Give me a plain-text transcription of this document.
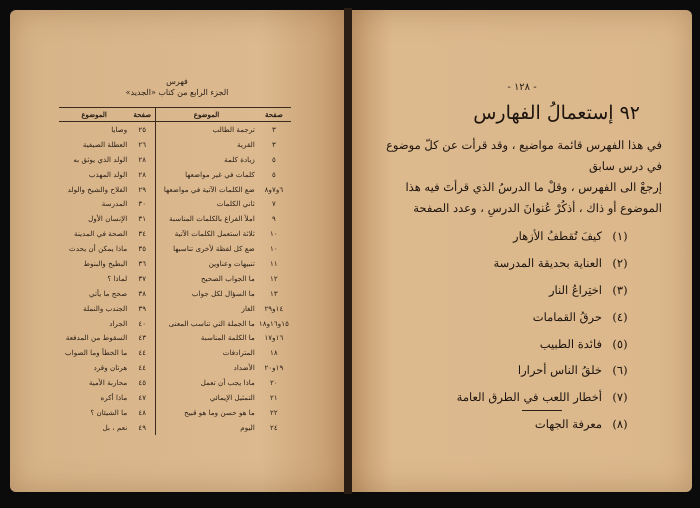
فهرس
الجزء الرابع من كتاب «الجديد»
صفحة	الموضوع	صفحة	الموضوع
٣	ترجمة الطالب	٢٥	وصايا
٣	القرية	٢٦	العطلة الصيفية
٥	زيادة كلمة	٢٨	الولد الذي يوثق به
٥	كلمات في غير مواضعها	٢٨	الولد المهذب
٦و٧و٨	ضع الكلمات الآتية في مواضعها	٢٩	الفلاح والشيخ والولد
٧	ثاني الكلمات	٣٠	المدرسة
٩	املأ الفراغ بالكلمات المناسبة	٣١	الإنسان الأول
١٠	ثلاثة استعمل الكلمات الآتية	٣٤	الصحة في المدينة
١٠	ضع كل لفظة لأخرى تناسبها	٣٥	ماذا يمكن أن يحدث
١١	تنبيهات وعناوين	٣٦	البطيخ والبنوط
١٢	ما الجواب الصحيح	٣٧	لماذا ؟
١٣	ما السؤال لكل جواب	٣٨	صحح ما يأتي
١٤و٢٩	الغاز	٣٩	الجندب والنملة
١٥و١٦و١٨	ما الجملة التي تناسب المعنى	٤٠	الجراد
١٦و١٧	ما الكلمة المناسبة	٤٣	السقوط من المدفعة
١٨	المترادفات	٤٤	ما الخطأ وما الصواب
١٩و٢٠	الأضداد	٤٤	هرتان وقرد
٢٠	ماذا يجب أن تعمل	٤٥	محاربة الأمية
٢١	التمثيل الإيمائي	٤٧	ماذا أكره
٢٢	ما هو حسن وما هو قبيح	٤٨	ما الشيئان ؟
٢٤	اليوم	٤٩	نعم ، بل
- ١٢٨ -
٩٢ إستعمالُ الفهارس
في هذا الفهرس قائمة مواضيع ، وقد قرأت عن كلّ موضوع في درس سابق
إرجعْ الى الفهرس ، وقلْ ما الدرسُ الذي قرأتَ فيه هذا الموضوع أو ذاك ، أذكُرْ عُنوانَ الدرسِ ، وعدد الصفحة
(١)
كيفَ تُقطفُ الأزهار
(٢)
العناية بحديقة المدرسة
(٣)
اختِراعُ النار
(٤)
حرقُ القمامات
(٥)
فائدة الطبيب
(٦)
خلقُ الناس أحرارا
(٧)
أخطار اللعب في الطرق العامة
(٨)
معرفة الجهات
